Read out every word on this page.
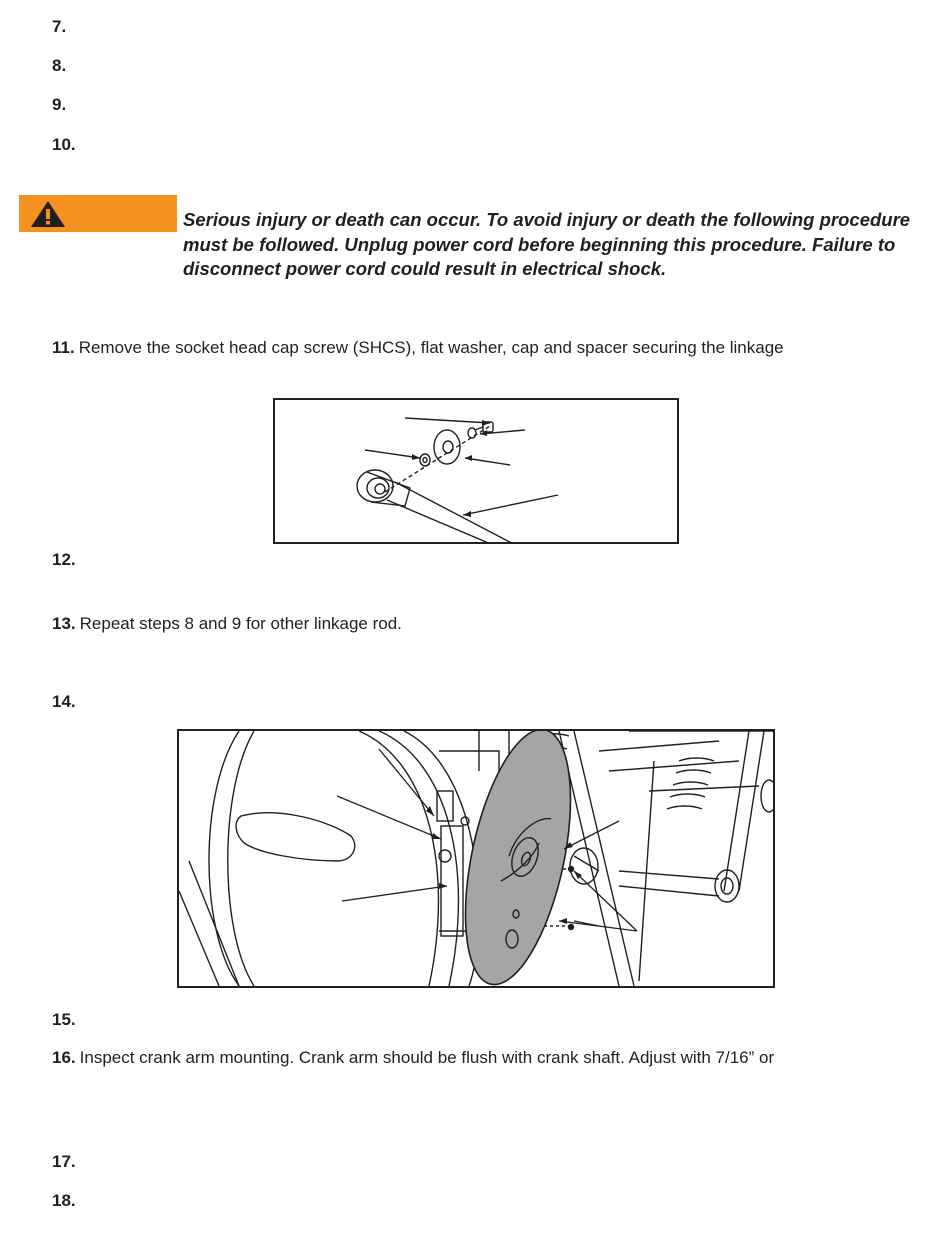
7.
8.
9.
10.
Serious injury or death can occur. To avoid injury or death the following procedure must be followed. Unplug power cord before beginning this procedure. Failure to disconnect power cord could result in electrical shock.
11. Remove the socket head cap screw (SHCS), flat washer, cap and spacer securing the linkage
12.
13. Repeat steps 8 and 9 for other linkage rod.
14.
15.
16. Inspect crank arm mounting. Crank arm should be flush with crank shaft. Adjust with 7/16” or
17.
18.
